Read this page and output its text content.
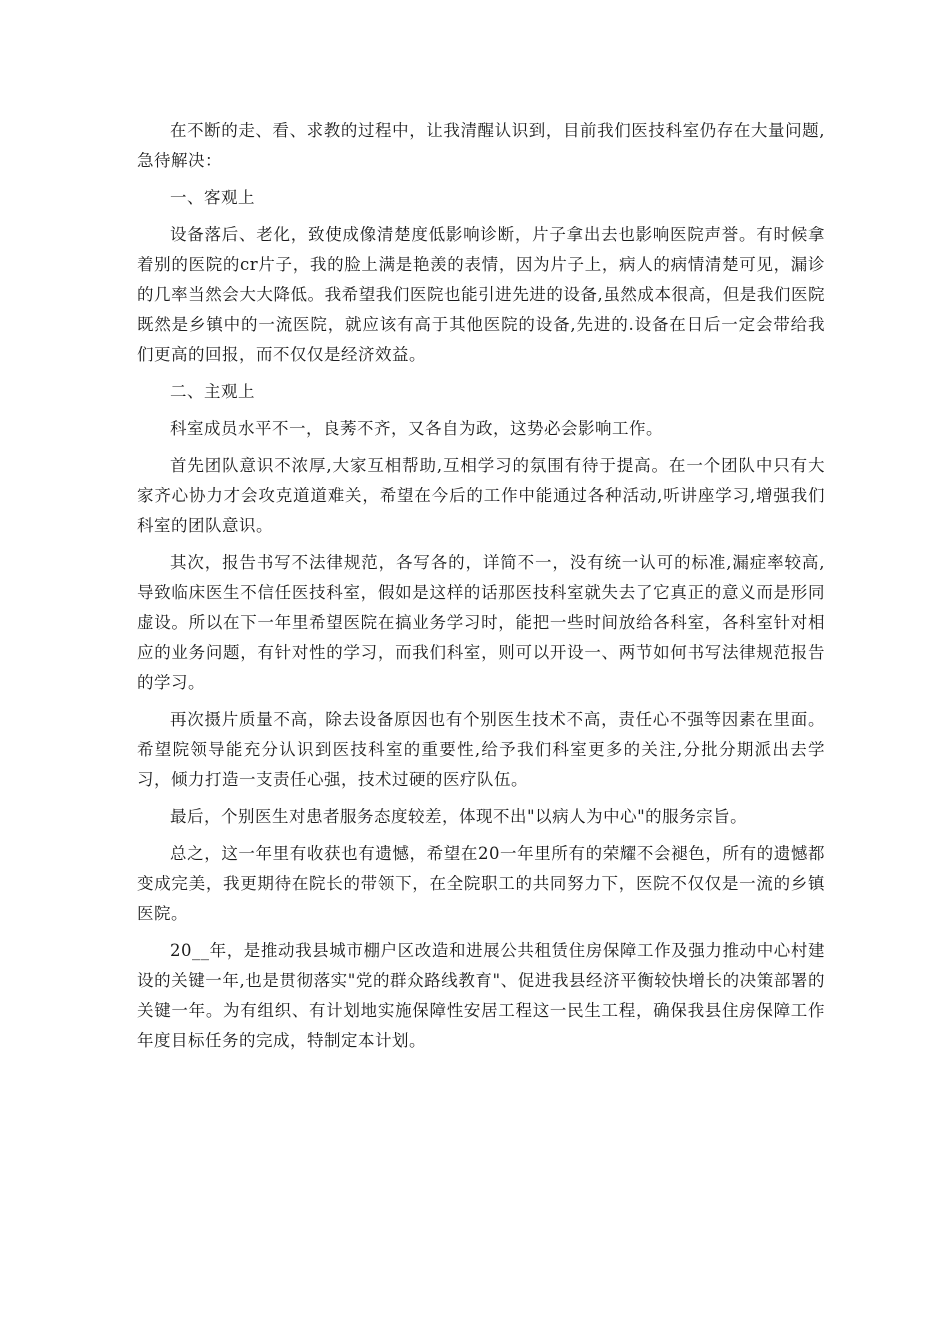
在不断的走、看、求教的过程中，让我清醒认识到，目前我们医技科室仍存在大量问题,急待解决：

一、客观上

设备落后、老化，致使成像清楚度低影响诊断，片子拿出去也影响医院声誉。有时候拿着别的医院的cr片子，我的脸上满是艳羡的表情，因为片子上，病人的病情清楚可见，漏诊的几率当然会大大降低。我希望我们医院也能引进先进的设备,虽然成本很高，但是我们医院既然是乡镇中的一流医院，就应该有高于其他医院的设备,先进的.设备在日后一定会带给我们更高的回报，而不仅仅是经济效益。

二、主观上

科室成员水平不一，良莠不齐，又各自为政，这势必会影响工作。

首先团队意识不浓厚,大家互相帮助,互相学习的氛围有待于提高。在一个团队中只有大家齐心协力才会攻克道道难关，希望在今后的工作中能通过各种活动,听讲座学习,增强我们科室的团队意识。

其次，报告书写不法律规范，各写各的，详简不一，没有统一认可的标准,漏症率较高,导致临床医生不信任医技科室，假如是这样的话那医技科室就失去了它真正的意义而是形同虚设。所以在下一年里希望医院在搞业务学习时，能把一些时间放给各科室，各科室针对相应的业务问题，有针对性的学习，而我们科室，则可以开设一、两节如何书写法律规范报告的学习。

再次摄片质量不高，除去设备原因也有个别医生技术不高，责任心不强等因素在里面。希望院领导能充分认识到医技科室的重要性,给予我们科室更多的关注,分批分期派出去学习，倾力打造一支责任心强，技术过硬的医疗队伍。

最后，个别医生对患者服务态度较差，体现不出"以病人为中心"的服务宗旨。

总之，这一年里有收获也有遗憾，希望在20一年里所有的荣耀不会褪色，所有的遗憾都变成完美，我更期待在院长的带领下，在全院职工的共同努力下，医院不仅仅是一流的乡镇医院。

20__年，是推动我县城市棚户区改造和进展公共租赁住房保障工作及强力推动中心村建设的关键一年,也是贯彻落实"党的群众路线教育"、促进我县经济平衡较快增长的决策部署的关键一年。为有组织、有计划地实施保障性安居工程这一民生工程，确保我县住房保障工作年度目标任务的完成，特制定本计划。
